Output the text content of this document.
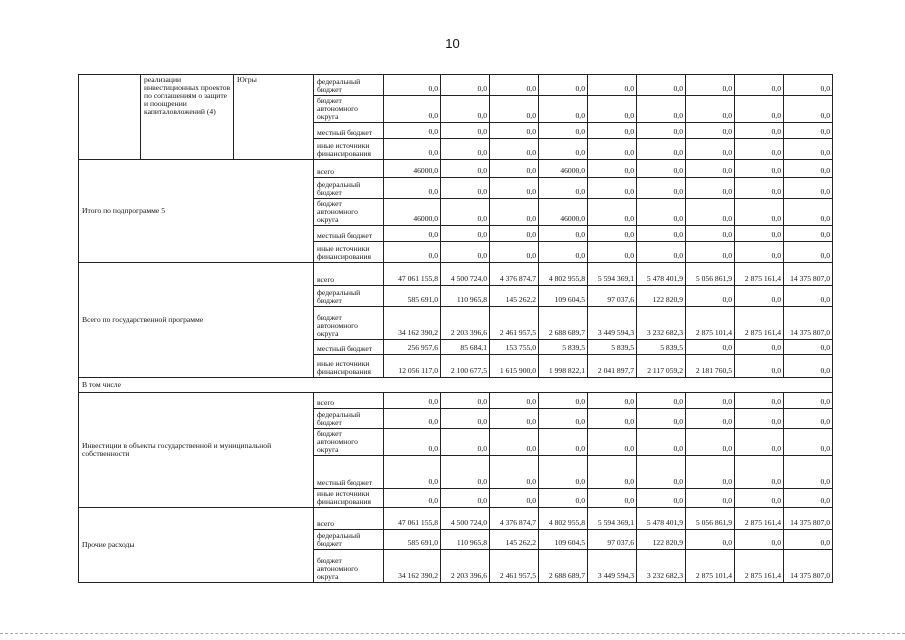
10
	реализации инвестиционных проектов по соглашениям о защите и поощрении капиталовложений (4)	Югры	федеральный бюджет	0,0	0,0	0,0	0,0	0,0	0,0	0,0	0,0	0,0
			бюджет автономного округа	0,0	0,0	0,0	0,0	0,0	0,0	0,0	0,0	0,0
			местный бюджет	0,0	0,0	0,0	0,0	0,0	0,0	0,0	0,0	0,0
			иные источники финансирования	0,0	0,0	0,0	0,0	0,0	0,0	0,0	0,0	0,0
Итого по подпрограмме 5			всего	46000,0	0,0	0,0	46000,0	0,0	0,0	0,0	0,0	0,0
			федеральный бюджет	0,0	0,0	0,0	0,0	0,0	0,0	0,0	0,0	0,0
			бюджет автономного округа	46000,0	0,0	0,0	46000,0	0,0	0,0	0,0	0,0	0,0
			местный бюджет	0,0	0,0	0,0	0,0	0,0	0,0	0,0	0,0	0,0
			иные источники финансирования	0,0	0,0	0,0	0,0	0,0	0,0	0,0	0,0	0,0
Всего по государственной программе			всего	47 061 155,8	4 500 724,0	4 376 874,7	4 802 955,8	5 594 369,1	5 478 401,9	5 056 861,9	2 875 161,4	14 375 807,0
			федеральный бюджет	585 691,0	110 965,8	145 262,2	109 604,5	97 037,6	122 820,9	0,0	0,0	0,0
			бюджет автономного округа	34 162 390,2	2 203 396,6	2 461 957,5	2 688 689,7	3 449 594,3	3 232 682,3	2 875 101,4	2 875 161,4	14 375 807,0
			местный бюджет	256 957,6	85 684,1	153 755,0	5 839,5	5 839,5	5 839,5	0,0	0,0	0,0
			иные источники финансирования	12 056 117,0	2 100 677,5	1 615 900,0	1 998 822,1	2 041 897,7	2 117 059,2	2 181 760,5	0,0	0,0
В том числе												
Инвестиции в объекты государственной и муниципальной собственности			всего	0,0	0,0	0,0	0,0	0,0	0,0	0,0	0,0	0,0
			федеральный бюджет	0,0	0,0	0,0	0,0	0,0	0,0	0,0	0,0	0,0
			бюджет автономного округа	0,0	0,0	0,0	0,0	0,0	0,0	0,0	0,0	0,0
			местный бюджет	0,0	0,0	0,0	0,0	0,0	0,0	0,0	0,0	0,0
			иные источники финансирования	0,0	0,0	0,0	0,0	0,0	0,0	0,0	0,0	0,0
Прочие расходы			всего	47 061 155,8	4 500 724,0	4 376 874,7	4 802 955,8	5 594 369,1	5 478 401,9	5 056 861,9	2 875 161,4	14 375 807,0
			федеральный бюджет	585 691,0	110 965,8	145 262,2	109 604,5	97 037,6	122 820,9	0,0	0,0	0,0
			бюджет автономного округа	34 162 390,2	2 203 396,6	2 461 957,5	2 688 689,7	3 449 594,3	3 232 682,3	2 875 101,4	2 875 161,4	14 375 807,0
